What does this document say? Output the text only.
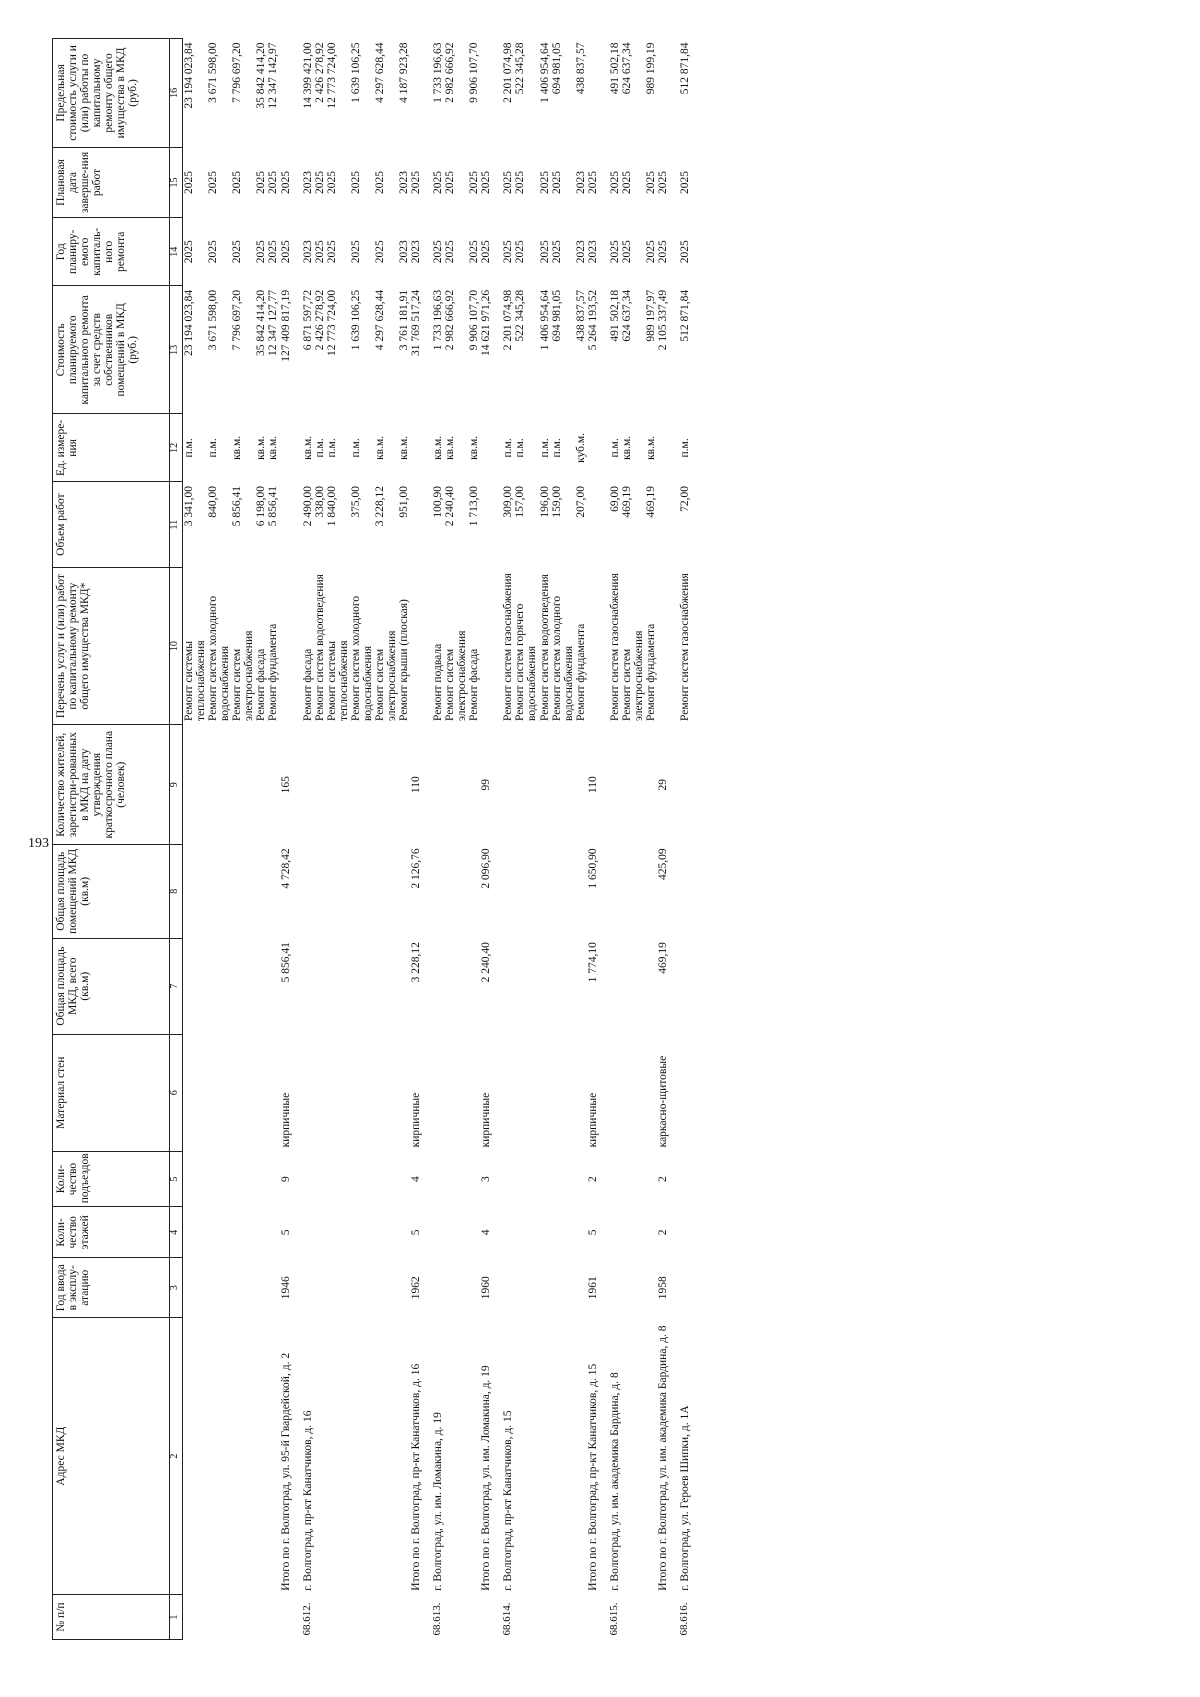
193
№ п/п	Адрес МКД	Год ввода в эксплу-атацию	Коли-чество этажей	Коли-чество подъездов	Материал стен	Общая площадь МКД, всего (кв.м)	Общая площадь помещений МКД (кв.м)	Количество жителей, зарегистри-рованных в МКД на дату утверждения краткосрочного плана (человек)	Перечень услуг и (или) работ по капитальному ремонту общего имущества МКД*	Объем работ	Ед. измере-ния	Стоимость планируемого капитального ремонта за счет средств собственников помещений в МКД (руб.)	Год планиру-емого капиталь-ного ремонта	Плановая дата заверше-ния работ	Предельная стоимость услуги и (или) работы по капитальному ремонту общего имущества в МКД (руб.)
1	2	3	4	5	6	7	8	9	10	11	12	13	14	15	16
									Ремонт системы теплоснабжения	3 341,00	п.м.	23 194 023,84	2025	2025	23 194 023,84
									Ремонт систем холодного водоснабжения	840,00	п.м.	3 671 598,00	2025	2025	3 671 598,00
									Ремонт систем электроснабжения	5 856,41	кв.м.	7 796 697,20	2025	2025	7 796 697,20
									Ремонт фасада	6 198,00	кв.м.	35 842 414,20	2025	2025	35 842 414,20
									Ремонт фундамента	5 856,41	кв.м.	12 347 127,77	2025	2025	12 347 142,97
	Итого по г. Волгоград, ул. 95-й Гвардейской, д. 2	1946	5	9	кирпичные	5 856,41	4 728,42	165				127 409 817,19	2025	2025	
68.612.	г. Волгоград, пр-кт Канатчиков, д. 16								Ремонт фасада	2 490,00	кв.м.	6 871 597,72	2023	2023	14 399 421,00
									Ремонт систем водоотведения	338,00	п.м.	2 426 278,92	2025	2025	2 426 278,92
									Ремонт системы теплоснабжения	1 840,00	п.м.	12 773 724,00	2025	2025	12 773 724,00
									Ремонт систем холодного водоснабжения	375,00	п.м.	1 639 106,25	2025	2025	1 639 106,25
									Ремонт систем электроснабжения	3 228,12	кв.м.	4 297 628,44	2025	2025	4 297 628,44
									Ремонт крыши (плоская)	951,00	кв.м.	3 761 181,91	2023	2023	4 187 923,28
	Итого по г. Волгоград, пр-кт Канатчиков, д. 16	1962	5	4	кирпичные	3 228,12	2 126,76	110				31 769 517,24	2023	2025	
68.613.	г. Волгоград, ул. им. Ломакина, д. 19								Ремонт подвала	100,90	кв.м.	1 733 196,63	2025	2025	1 733 196,63
									Ремонт систем электроснабжения	2 240,40	кв.м.	2 982 666,92	2025	2025	2 982 666,92
									Ремонт фасада	1 713,00	кв.м.	9 906 107,70	2025	2025	9 906 107,70
	Итого по г. Волгоград, ул. им. Ломакина, д. 19	1960	4	3	кирпичные	2 240,40	2 096,90	99				14 621 971,26	2025	2025	
68.614.	г. Волгоград, пр-кт Канатчиков, д. 15								Ремонт систем газоснабжения	309,00	п.м.	2 201 074,98	2025	2025	2 201 074,98
									Ремонт систем горячего водоснабжения	157,00	п.м.	522 345,28	2025	2025	522 345,28
									Ремонт систем водоотведения	196,00	п.м.	1 406 954,64	2025	2025	1 406 954,64
									Ремонт систем холодного водоснабжения	159,00	п.м.	694 981,05	2025	2025	694 981,05
									Ремонт фундамента	207,00	куб.м.	438 837,57	2023	2023	438 837,57
	Итого по г. Волгоград, пр-кт Канатчиков, д. 15	1961	5	2	кирпичные	1 774,10	1 650,90	110				5 264 193,52	2023	2025	
68.615.	г. Волгоград, ул. им. академика Бардина, д. 8								Ремонт систем газоснабжения	69,00	п.м.	491 502,18	2025	2025	491 502,18
									Ремонт систем электроснабжения	469,19	кв.м.	624 637,34	2025	2025	624 637,34
									Ремонт фундамента	469,19	кв.м.	989 197,97	2025	2025	989 199,19
	Итого по г. Волгоград, ул. им. академика Бардина, д. 8	1958	2	2	каркасно-щитовые	469,19	425,09	29				2 105 337,49	2025	2025	
68.616.	г. Волгоград, ул. Героев Шипки, д. 1А								Ремонт систем газоснабжения	72,00	п.м.	512 871,84	2025	2025	512 871,84
